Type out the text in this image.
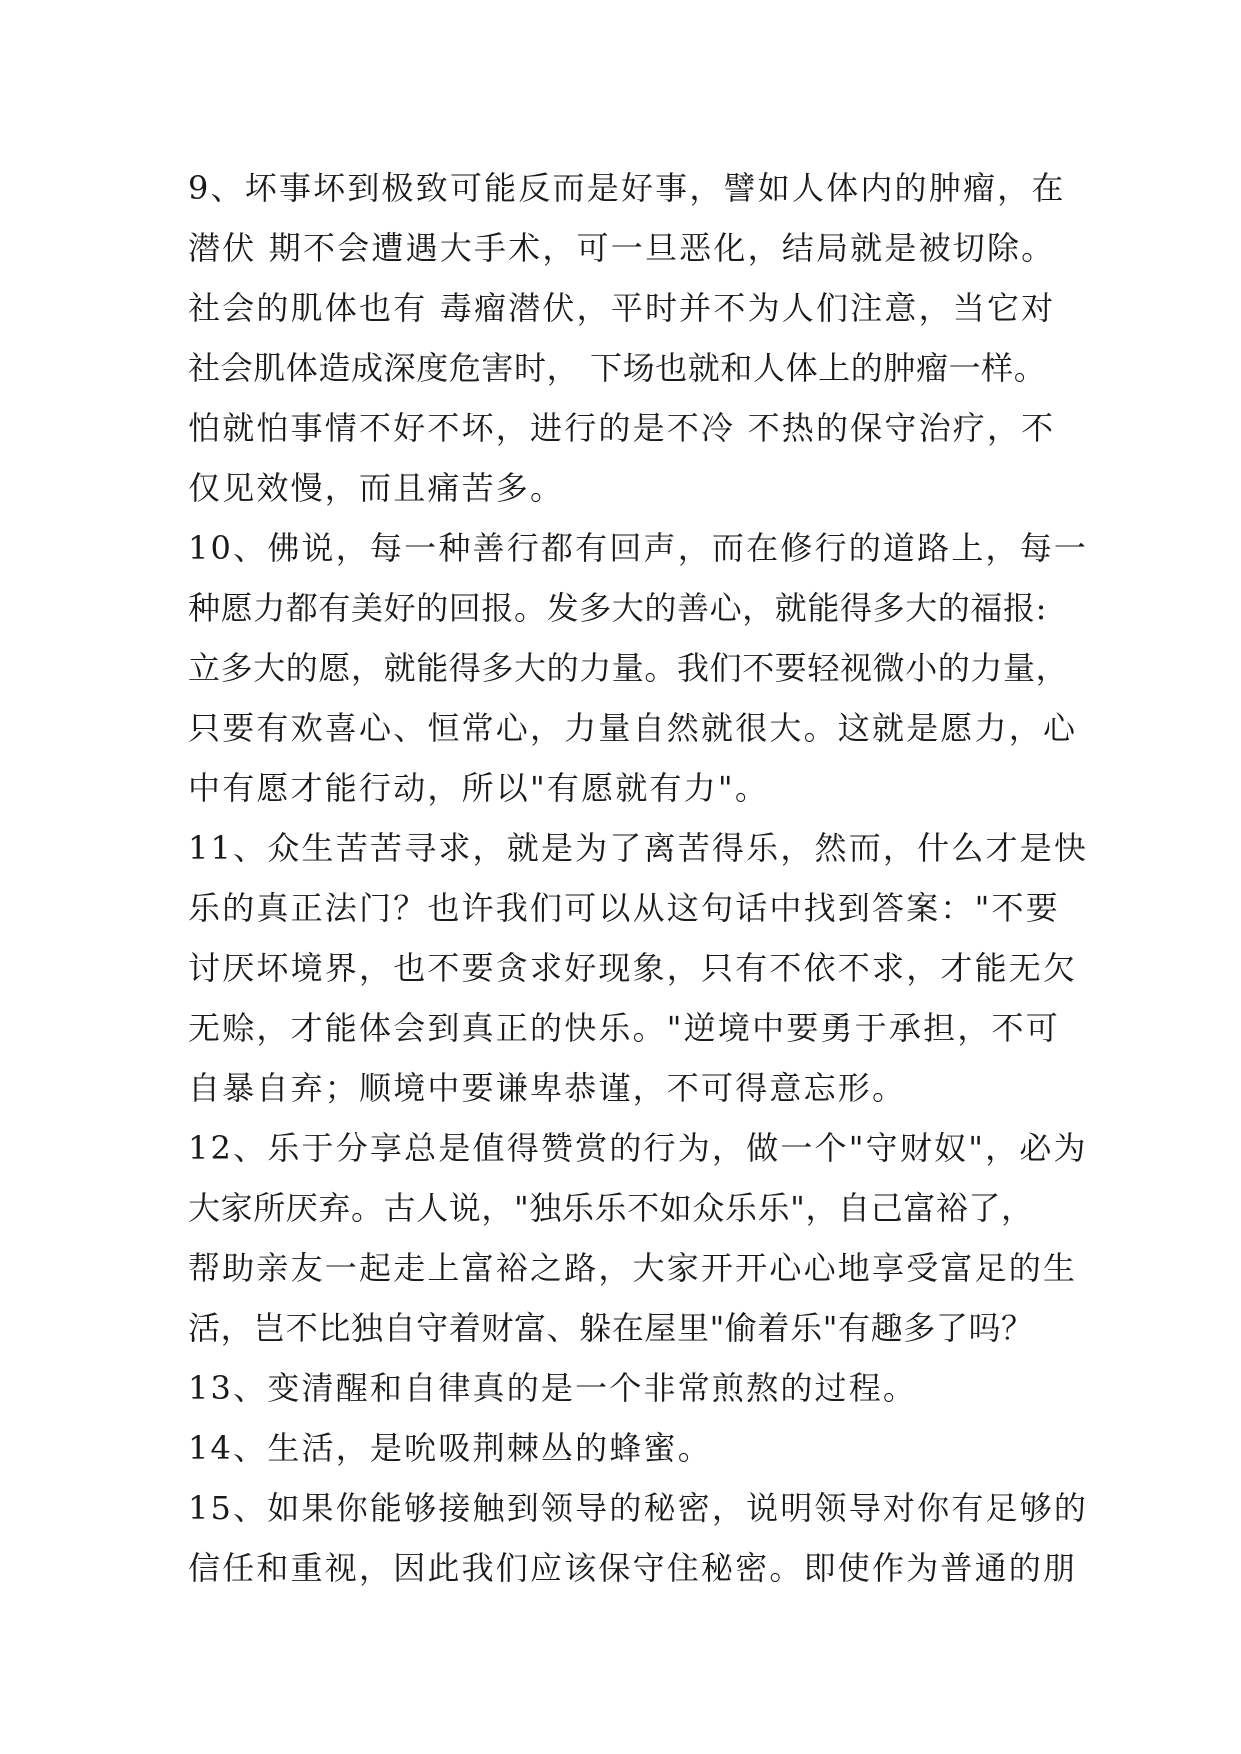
9、坏事坏到极致可能反而是好事，譬如人体内的肿瘤，在
潜伏 期不会遭遇大手术，可一旦恶化，结局就是被切除。
社会的肌体也有 毒瘤潜伏，平时并不为人们注意，当它对
社会肌体造成深度危害时， 下场也就和人体上的肿瘤一样。
怕就怕事情不好不坏，进行的是不冷 不热的保守治疗，不
仅见效慢，而且痛苦多。
10、佛说，每一种善行都有回声，而在修行的道路上，每一
种愿力都有美好的回报。发多大的善心，就能得多大的福报:
立多大的愿，就能得多大的力量。我们不要轻视微小的力量，
只要有欢喜心、恒常心，力量自然就很大。这就是愿力，心
中有愿才能行动，所以"有愿就有力"。
11、众生苦苦寻求，就是为了离苦得乐，然而，什么才是快
乐的真正法门？也许我们可以从这句话中找到答案："不要
讨厌坏境界，也不要贪求好现象，只有不依不求，才能无欠
无赊，才能体会到真正的快乐。"逆境中要勇于承担，不可
自暴自弃；顺境中要谦卑恭谨，不可得意忘形。
12、乐于分享总是值得赞赏的行为，做一个"守财奴"，必为
大家所厌弃。古人说，"独乐乐不如众乐乐"，自己富裕了，
帮助亲友一起走上富裕之路，大家开开心心地享受富足的生
活，岂不比独自守着财富、躲在屋里"偷着乐"有趣多了吗？
13、变清醒和自律真的是一个非常煎熬的过程。
14、生活，是吮吸荆棘丛的蜂蜜。
15、如果你能够接触到领导的秘密，说明领导对你有足够的
信任和重视，因此我们应该保守住秘密。即使作为普通的朋
